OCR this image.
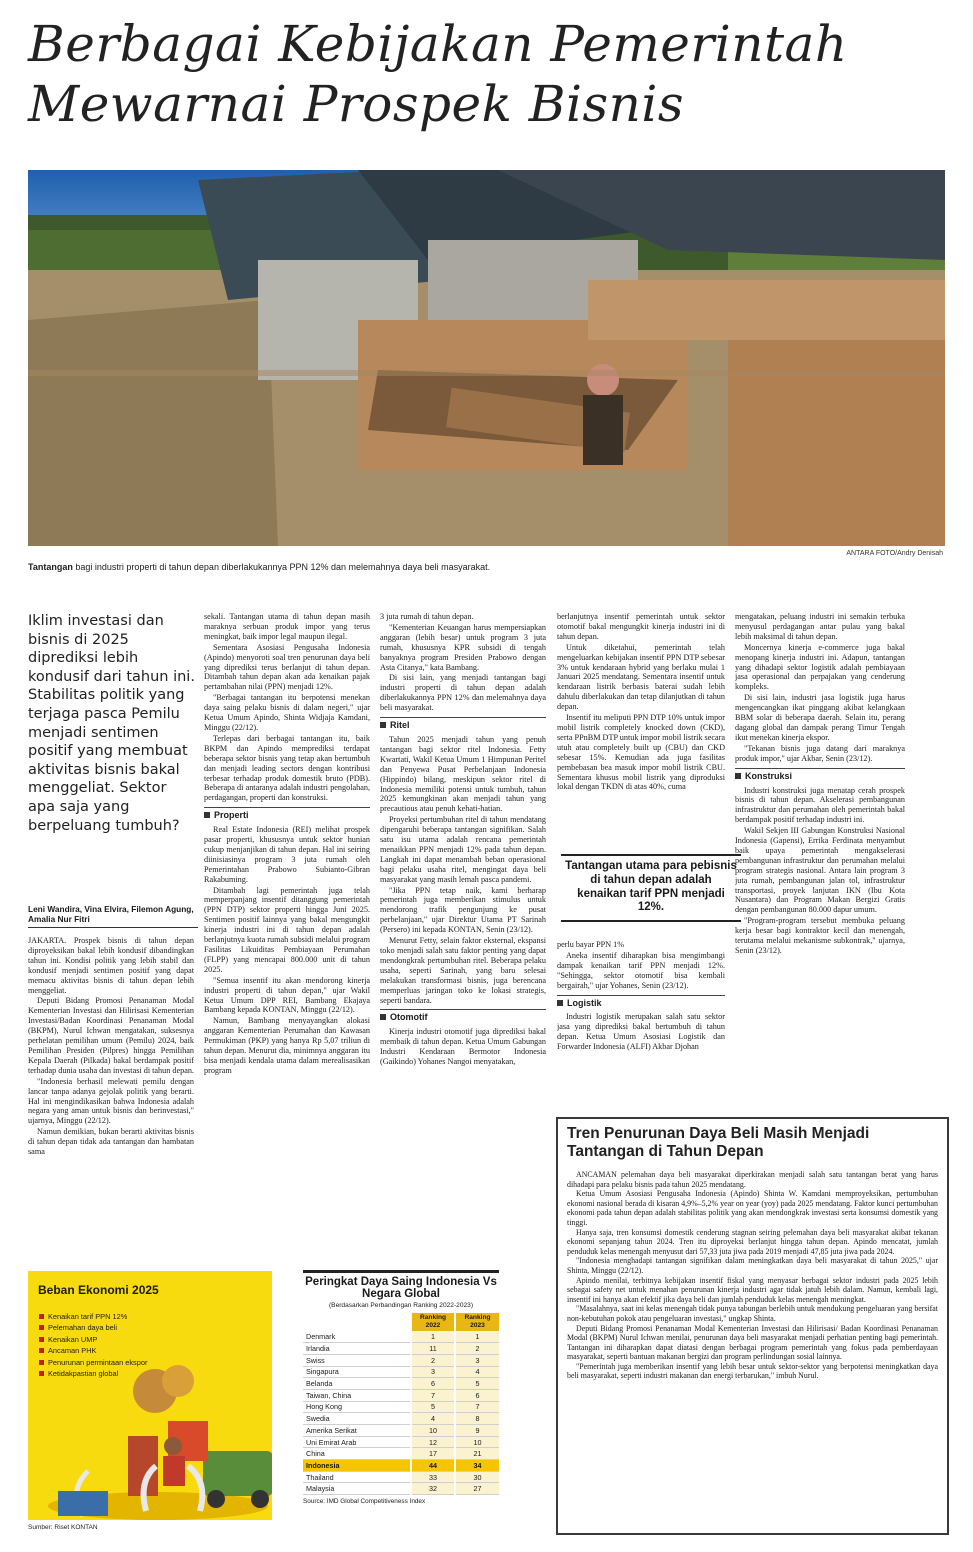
Berbagai Kebijakan Pemerintah
Mewarnai Prospek Bisnis
ANTARA FOTO/Andry Denisah
Tantangan bagi industri properti di tahun depan diberlakukannya PPN 12% dan melemahnya daya beli masyarakat.
Iklim investasi dan bisnis di 2025 diprediksi lebih kondusif dari tahun ini. Stabilitas politik yang terjaga pasca Pemilu menjadi sentimen positif yang membuat aktivitas bisnis bakal menggeliat. Sektor apa saja yang berpeluang tumbuh?
Leni Wandira, Vina Elvira, Filemon Agung, Amalia Nur Fitri

JAKARTA. Prospek bisnis di tahun depan diproyeksikan bakal lebih kondusif dibandingkan tahun ini. Kondisi politik yang lebih stabil dan kondusif menjadi sentimen positif yang dapat memacu aktivitas bisnis di tahun depan lebih menggeliat.

Deputi Bidang Promosi Penanaman Modal Kementerian Investasi dan Hilirisasi Kementerian Investasi/Badan Koordinasi Penanaman Modal (BKPM), Nurul Ichwan mengatakan, suksesnya perhelatan pemilihan umum (Pemilu) 2024, baik Pemilihan Presiden (Pilpres) hingga Pemilihan Kepala Daerah (Pilkada) bakal berdampak positif terhadap dunia usaha dan investasi di tahun depan.

"Indonesia berhasil melewati pemilu dengan lancar tanpa adanya gejolak politik yang berarti. Hal ini mengindikasikan bahwa Indonesia adalah negara yang aman untuk bisnis dan berinvestasi," ujarnya, Minggu (22/12).

Namun demikian, bukan berarti aktivitas bisnis di tahun depan tidak ada tantangan dan hambatan sama

sekali. Tantangan utama di tahun depan masih maraknya serbuan produk impor yang terus meningkat, baik impor legal maupun ilegal.

Sementara Asosiasi Pengusaha Indonesia (Apindo) menyoroti soal tren penurunan daya beli yang diprediksi terus berlanjut di tahun depan. Ditambah tahun depan akan ada kenaikan pajak pertambahan nilai (PPN) menjadi 12%.

"Berbagai tantangan itu berpotensi menekan daya saing pelaku bisnis di dalam negeri," ujar Ketua Umum Apindo, Shinta Widjaja Kamdani, Minggu (22/12).

Terlepas dari berbagai tantangan itu, baik BKPM dan Apindo memprediksi terdapat beberapa sektor bisnis yang tetap akan bertumbuh dan menjadi leading sectors dengan kontribusi terbesar terhadap produk domestik bruto (PDB). Beberapa di antaranya adalah industri pengolahan, perdagangan, properti dan konstruksi.

Properti

Real Estate Indonesia (REI) melihat prospek pasar properti, khususnya untuk sektor hunian cukup menjanjikan di tahun depan. Hal ini seiring diinisiasinya program 3 juta rumah oleh Pemerintahan Prabowo Subianto-Gibran Rakabuming.

Ditambah lagi pemerintah juga telah memperpanjang insentif ditanggung pemerintah (PPN DTP) sektor properti hingga Juni 2025. Sentimen positif lainnya yang bakal mengungkit kinerja industri ini di tahun depan adalah berlanjutnya kuota rumah subsidi melalui program Fasilitas Likuiditas Pembiayaan Perumahan (FLPP) yang mencapai 800.000 unit di tahun 2025.

"Semua insentif itu akan mendorong kinerja industri properti di tahun depan," ujar Wakil Ketua Umum DPP REI, Bambang Ekajaya Bambang kepada KONTAN, Minggu (22/12).

Namun, Bambang menyayangkan alokasi anggaran Kementerian Perumahan dan Kawasan Permukiman (PKP) yang hanya Rp 5,07 triliun di tahun depan. Menurut dia, minimnya anggaran itu bisa menjadi kendala utama dalam merealisasikan program

3 juta rumah di tahun depan.

"Kementerian Keuangan harus mempersiapkan anggaran (lebih besar) untuk program 3 juta rumah, khususnya KPR subsidi di tengah banyaknya program Presiden Prabowo dengan Asta Citanya," kata Bambang.

Di sisi lain, yang menjadi tantangan bagi industri properti di tahun depan adalah diberlakukannya PPN 12% dan melemahnya daya beli masyarakat.

Ritel

Tahun 2025 menjadi tahun yang penuh tantangan bagi sektor ritel Indonesia. Fetty Kwartati, Wakil Ketua Umum 1 Himpunan Peritel dan Penyewa Pusat Perbelanjaan Indonesia (Hippindo) bilang, meskipun sektor ritel di Indonesia memiliki potensi untuk tumbuh, tahun 2025 kemungkinan akan menjadi tahun yang precautious atau penuh kehati-hatian.

Proyeksi pertumbuhan ritel di tahun mendatang dipengaruhi beberapa tantangan signifikan. Salah satu isu utama adalah rencana pemerintah menaikkan PPN menjadi 12% pada tahun depan. Langkah ini dapat menambah beban operasional bagi pelaku usaha ritel, mengingat daya beli masyarakat yang masih lemah pasca pandemi.

"Jika PPN tetap naik, kami berharap pemerintah juga memberikan stimulus untuk mendorong trafik pengunjung ke pusat perbelanjaan," ujar Direktur Utama PT Sarinah (Persero) ini kepada KONTAN, Senin (23/12).

Menurut Fetty, selain faktor eksternal, ekspansi toko menjadi salah satu faktor penting yang dapat mendongkrak pertumbuhan ritel. Beberapa pelaku usaha, seperti Sarinah, yang baru selesai melakukan transformasi bisnis, juga berencana memperluas jaringan toko ke lokasi strategis, seperti bandara.

Otomotif

Kinerja industri otomotif juga diprediksi bakal membaik di tahun depan. Ketua Umum Gabungan Industri Kendaraan Bermotor Indonesia (Gaikindo) Yohanes Nangoi menyatakan,

berlanjutnya insentif pemerintah untuk sektor otomotif bakal mengungkit kinerja industri ini di tahun depan.

Untuk diketahui, pemerintah telah mengeluarkan kebijakan insentif PPN DTP sebesar 3% untuk kendaraan hybrid yang berlaku mulai 1 Januari 2025 mendatang. Sementara insentif untuk kendaraan listrik berbasis baterai sudah lebih dahulu diberlakukan dan tetap dilanjutkan di tahun depan.

Insentif itu meliputi PPN DTP 10% untuk impor mobil listrik completely knocked down (CKD), serta PPnBM DTP untuk impor mobil listrik secara utuh atau completely built up (CBU) dan CKD sebesar 15%. Kemudian ada juga fasilitas pembebasan bea masuk impor mobil listrik CBU. Sementara khusus mobil listrik yang diproduksi lokal dengan TKDN di atas 40%, cuma

Tantangan utama para pebisnis di tahun depan adalah kenaikan tarif PPN menjadi 12%.

perlu bayar PPN 1%

Aneka insentif diharapkan bisa mengimbangi dampak kenaikan tarif PPN menjadi 12%. "Sehingga, sektor otomotif bisa kembali bergairah," ujar Yohanes, Senin (23/12).

Logistik

Industri logistik merupakan salah satu sektor jasa yang diprediksi bakal bertumbuh di tahun depan. Ketua Umum Asosiasi Logistik dan Forwarder Indonesia (ALFI) Akbar Djohan

mengatakan, peluang industri ini semakin terbuka menyusul perdagangan antar pulau yang bakal lebih maksimal di tahun depan.

Moncernya kinerja e-commerce juga bakal menopang kinerja industri ini. Adapun, tantangan yang dihadapi sektor logistik adalah pembiayaan jasa operasional dan perpajakan yang cenderung kompleks.

Di sisi lain, industri jasa logistik juga harus mengencangkan ikat pinggang akibat kelangkaan BBM solar di beberapa daerah. Selain itu, perang dagang global dan dampak perang Timur Tengah ikut menekan kinerja ekspor.

"Tekanan bisnis juga datang dari maraknya produk impor," ujar Akbar, Senin (23/12).

Konstruksi

Industri konstruksi juga menatap cerah prospek bisnis di tahun depan. Akselerasi pembangunan infrastruktur dan perumahan oleh pemerintah bakal berdampak positif terhadap industri ini.

Wakil Sekjen III Gabungan Konstruksi Nasional Indonesia (Gapensi), Errika Ferdinata menyambut baik upaya pemerintah mengakselerasi pembangunan infrastruktur dan perumahan melalui program strategis nasional. Antara lain program 3 juta rumah, pembangunan jalan tol, infrastruktur transportasi, proyek lanjutan IKN (Ibu Kota Nusantara) dan Program Makan Bergizi Gratis dengan pembangunan 80.000 dapur umum.

"Program-program tersebut membuka peluang kerja besar bagi kontraktor kecil dan menengah, terutama melalui mekanisme subkontrak," ujarnya, Senin (23/12).

Tren Penurunan Daya Beli Masih Menjadi Tantangan di Tahun Depan

ANCAMAN pelemahan daya beli masyarakat diperkirakan menjadi salah satu tantangan berat yang harus dihadapi para pelaku bisnis pada tahun 2025 mendatang.

Ketua Umum Asosiasi Pengusaha Indonesia (Apindo) Shinta W. Kamdani memproyeksikan, pertumbuhan ekonomi nasional berada di kisaran 4,9%–5,2% year on year (yoy) pada 2025 mendatang. Faktor kunci pertumbuhan ekonomi pada tahun depan adalah stabilitas politik yang akan mendongkrak investasi serta konsumsi domestik yang tinggi.

Hanya saja, tren konsumsi domestik cenderung stagnan seiring pelemahan daya beli masyarakat akibat tekanan ekonomi sepanjang tahun 2024. Tren itu diproyeksi berlanjut hingga tahun depan. Apindo mencatat, jumlah penduduk kelas menengah menyusut dari 57,33 juta jiwa pada 2019 menjadi 47,85 juta jiwa pada 2024.

"Indonesia menghadapi tantangan signifikan dalam meningkatkan daya beli masyarakat di tahun 2025," ujar Shinta, Minggu (22/12).

Apindo menilai, terbitnya kebijakan insentif fiskal yang menyasar berbagai sektor industri pada 2025 lebih sebagai safety net untuk menahan penurunan kinerja industri agar tidak jatuh lebih dalam. Namun, kembali lagi, insentif ini hanya akan efektif jika daya beli dan jumlah penduduk kelas menengah meningkat.

"Masalahnya, saat ini kelas menengah tidak punya tabungan berlebih untuk mendukung pengeluaran yang bersifat non-kebutuhan pokok atau pengeluaran investasi," ungkap Shinta.

Deputi Bidang Promosi Penanaman Modal Kementerian Investasi dan Hilirisasi/ Badan Koordinasi Penanaman Modal (BKPM) Nurul Ichwan menilai, penurunan daya beli masyarakat menjadi perhatian penting bagi pemerintah. Tantangan ini diharapkan dapat diatasi dengan berbagai program pemerintah yang fokus pada pemberdayaan masyarakat, seperti bantuan makanan bergizi dan program perlindungan sosial lainnya.

"Pemerintah juga memberikan insentif yang lebih besar untuk sektor-sektor yang berpotensi meningkatkan daya beli masyarakat, seperti industri makanan dan energi terbarukan," imbuh Nurul.

Beban Ekonomi 2025
Kenaikan tarif PPN 12%
Pelemahan daya beli
Kenaikan UMP
Ancaman PHK
Penurunan permintaan ekspor
Ketidakpastian global
Sumber: Riset KONTAN
Peringkat Daya Saing Indonesia Vs Negara Global
(Berdasarkan Perbandingan Ranking 2022-2023)
	Ranking 2022	Ranking 2023
Denmark	1	1
Irlandia	11	2
Swiss	2	3
Singapura	3	4
Belanda	6	5
Taiwan, China	7	6
Hong Kong	5	7
Swedia	4	8
Amerika Serikat	10	9
Uni Emirat Arab	12	10
China	17	21
Indonesia	44	34
Thailand	33	30
Malaysia	32	27
Source: IMD Global Competitiveness Index
